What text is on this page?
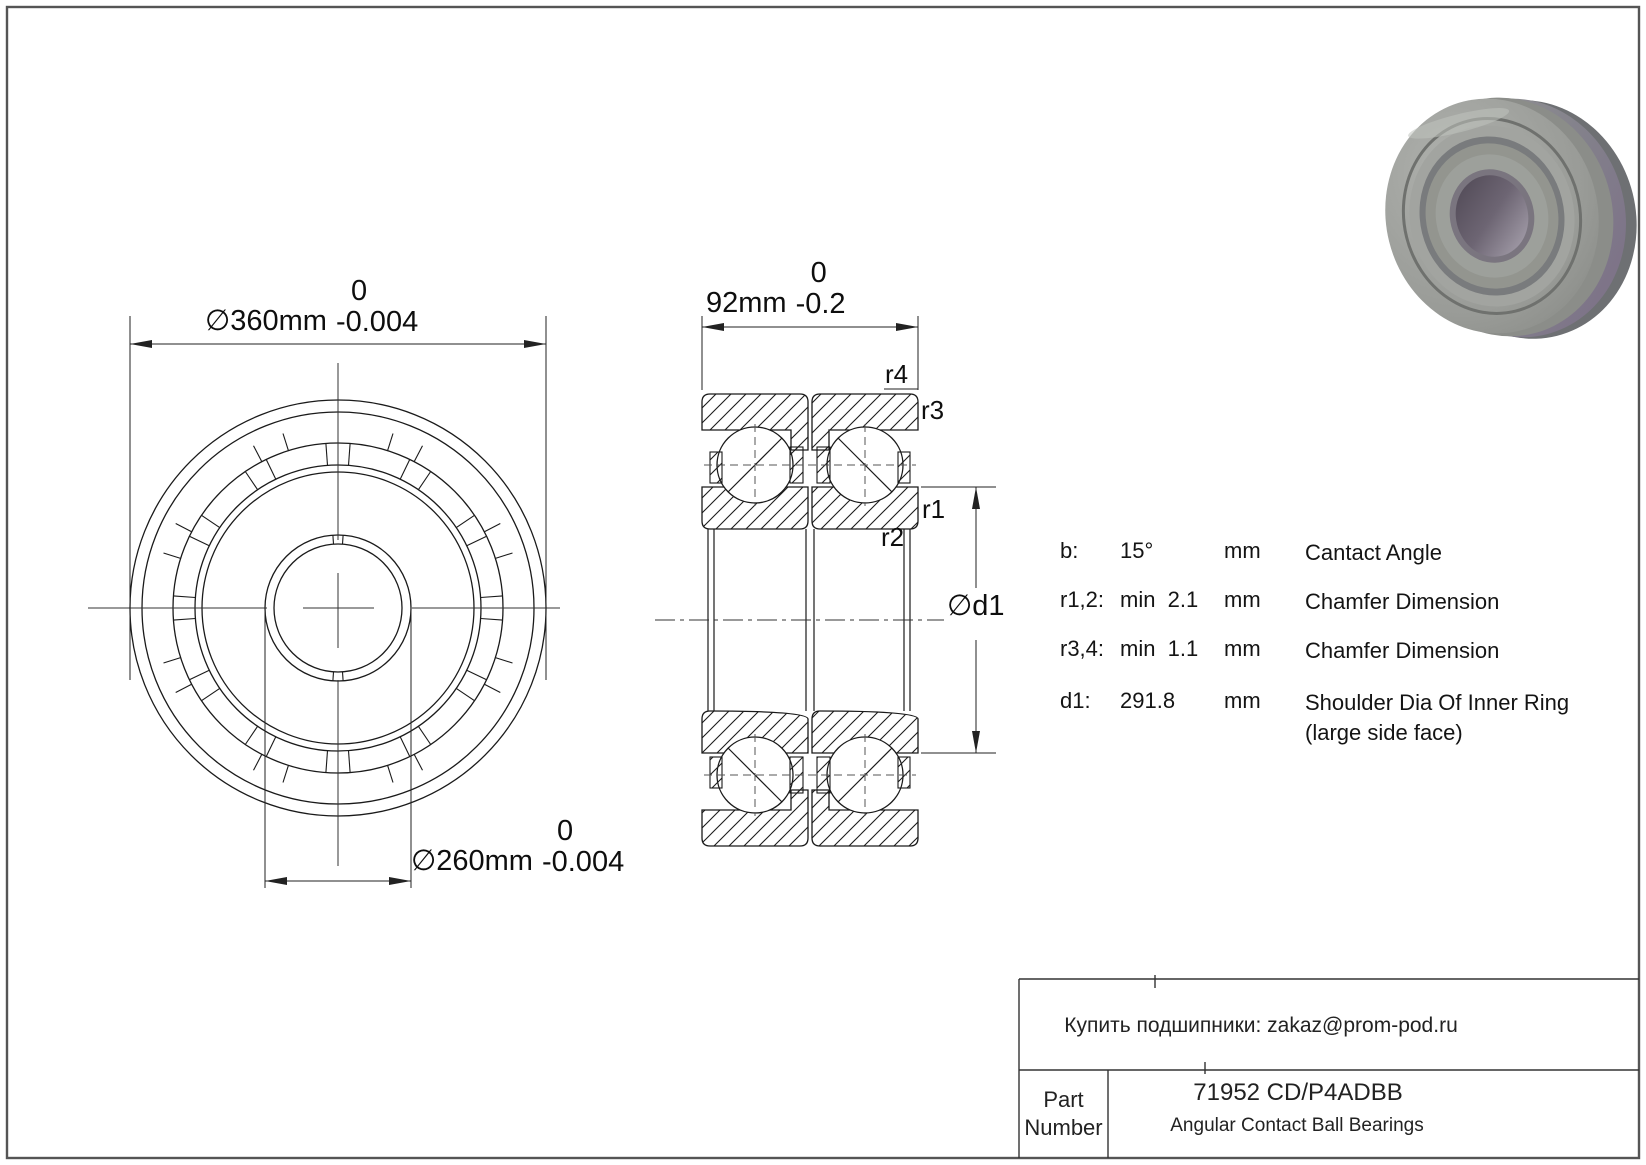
∅360mm
0
-0.004
∅260mm
0
-0.004
92mm
0
-0.2
r4
r3
r1
r2
∅d1
b: 15°	mm Cantact Angle
r1,2: min  2.1 mm Chamfer Dimension
r3,4: min  1.1 mm Chamfer Dimension
d1: 291.8 mm Shoulder Dia Of Inner Ring
(large side face)
Купить подшипники: zakaz@prom-pod.ru
Part
Number
71952 CD/P4ADBB
Angular Contact Ball Bearings
